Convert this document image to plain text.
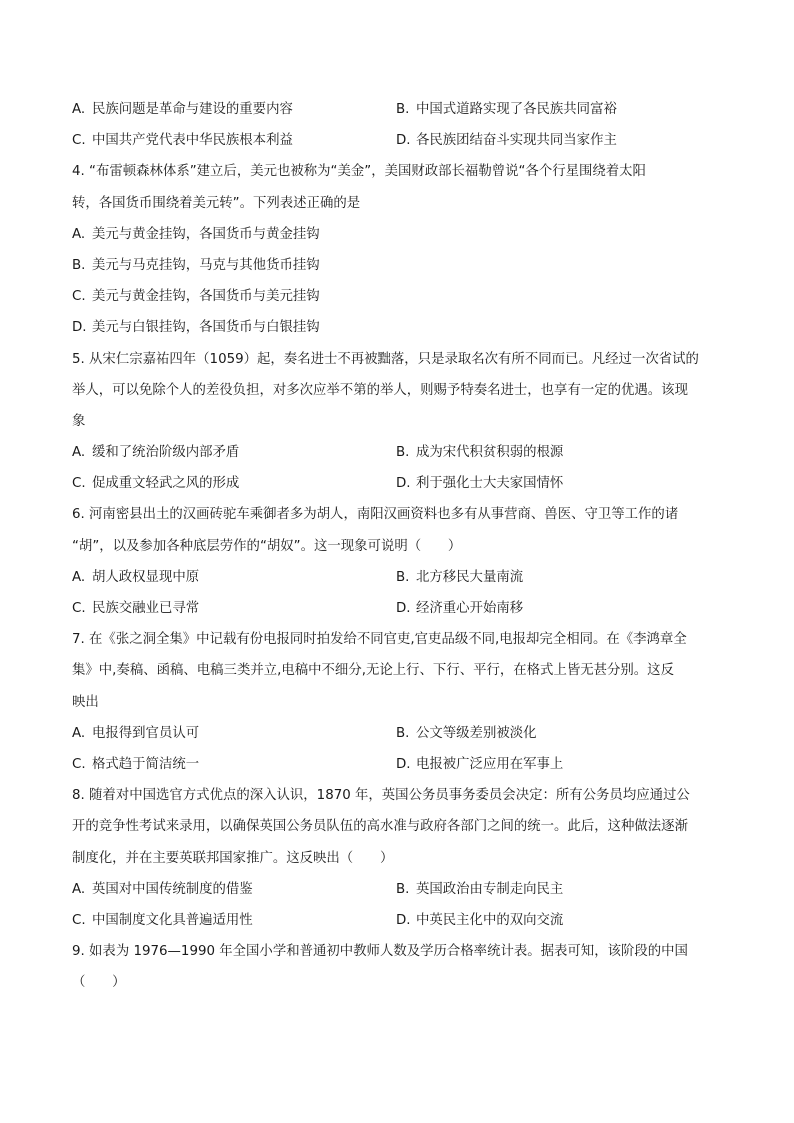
A. 民族问题是革命与建设的重要内容	B. 中国式道路实现了各民族共同富裕
C. 中国共产党代表中华民族根本利益	D. 各民族团结奋斗实现共同当家作主
4. “布雷顿森林体系”建立后，美元也被称为“美金”，美国财政部长福勒曾说“各个行星围绕着太阳
转，各国货币围绕着美元转”。下列表述正确的是
A. 美元与黄金挂钩，各国货币与黄金挂钩
B. 美元与马克挂钩，马克与其他货币挂钩
C. 美元与黄金挂钩，各国货币与美元挂钩
D. 美元与白银挂钩，各国货币与白银挂钩
5. 从宋仁宗嘉祐四年（1059）起，奏名进士不再被黜落，只是录取名次有所不同而已。凡经过一次省试的
举人，可以免除个人的差役负担，对多次应举不第的举人，则赐予特奏名进士，也享有一定的优遇。该现
象
A. 缓和了统治阶级内部矛盾	B. 成为宋代积贫积弱的根源
C. 促成重文轻武之风的形成	D. 利于强化士大夫家国情怀
6. 河南密县出土的汉画砖驼车乘御者多为胡人，南阳汉画资料也多有从事营商、兽医、守卫等工作的诸
“胡”，以及参加各种底层劳作的“胡奴”。这一现象可说明（　　）
A. 胡人政权显现中原	B. 北方移民大量南流
C. 民族交融业已寻常	D. 经济重心开始南移
7. 在《张之洞全集》中记载有份电报同时拍发给不同官吏,官吏品级不同,电报却完全相同。在《李鸿章全
集》中,奏稿、函稿、电稿三类并立,电稿中不细分,无论上行、下行、平行，在格式上皆无甚分别。这反
映出
A. 电报得到官员认可	B. 公文等级差别被淡化
C. 格式趋于简洁统一	D. 电报被广泛应用在军事上
8. 随着对中国选官方式优点的深入认识，1870 年，英国公务员事务委员会决定：所有公务员均应通过公
开的竞争性考试来录用，以确保英国公务员队伍的高水准与政府各部门之间的统一。此后，这种做法逐渐
制度化，并在主要英联邦国家推广。这反映出（　　）
A. 英国对中国传统制度的借鉴	B. 英国政治由专制走向民主
C. 中国制度文化具普遍适用性	D. 中英民主化中的双向交流
9. 如表为 1976—1990 年全国小学和普通初中教师人数及学历合格率统计表。据表可知，该阶段的中国
（　　）
